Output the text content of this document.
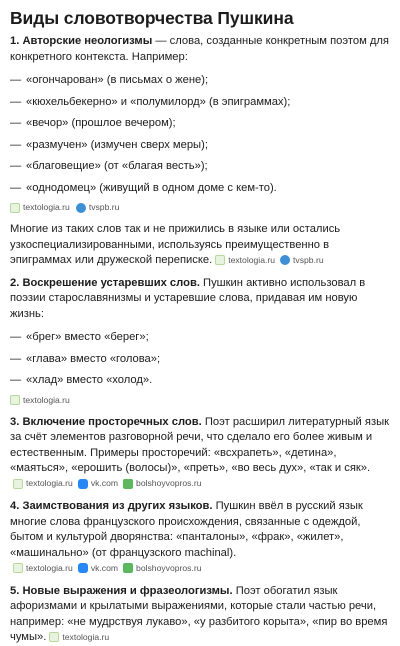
Виды словотворчества Пушкина

1. Авторские неологизмы — слова, созданные конкретным поэтом для конкретного контекста. Например:

— «огончарован» (в письмах о жене);
— «кюхельбекерно» и «полумилорд» (в эпиграммах);
— «вечор» (прошлое вечером);
— «размучен» (измучен сверх меры);
— «благовещие» (от «благая весть»);
— «однодомец» (живущий в одном доме с кем-то).
textologia.ru tvspb.ru

Многие из таких слов так и не прижились в языке или остались узкоспециализированными, используясь преимущественно в эпиграммах или дружеской переписке. textologia.ru tvspb.ru

2. Воскрешение устаревших слов. Пушкин активно использовал в поэзии старославянизмы и устаревшие слова, придавая им новую жизнь:

— «брег» вместо «берег»;
— «глава» вместо «голова»;
— «хлад» вместо «холод».
textologia.ru

3. Включение просторечных слов. Поэт расширил литературный язык за счёт элементов разговорной речи, что сделало его более живым и естественным. Примеры просторечий: «всхрапеть», «детина», «маяться», «ерошить (волосы)», «преть», «во весь дух», «так и сяк».
textologia.ru vk.com bolshoyvopros.ru

4. Заимствования из других языков. Пушкин ввёл в русский язык многие слова французского происхождения, связанные с одеждой, бытом и культурой дворянства: «панталоны», «фрак», «жилет», «машинально» (от французского machinal).
textologia.ru vk.com bolshoyvopros.ru

5. Новые выражения и фразеологизмы. Поэт обогатил язык афоризмами и крылатыми выражениями, которые стали частью речи, например: «не мудрствуя лукаво», «у разбитого корыта», «пир во время чумы». textologia.ru
